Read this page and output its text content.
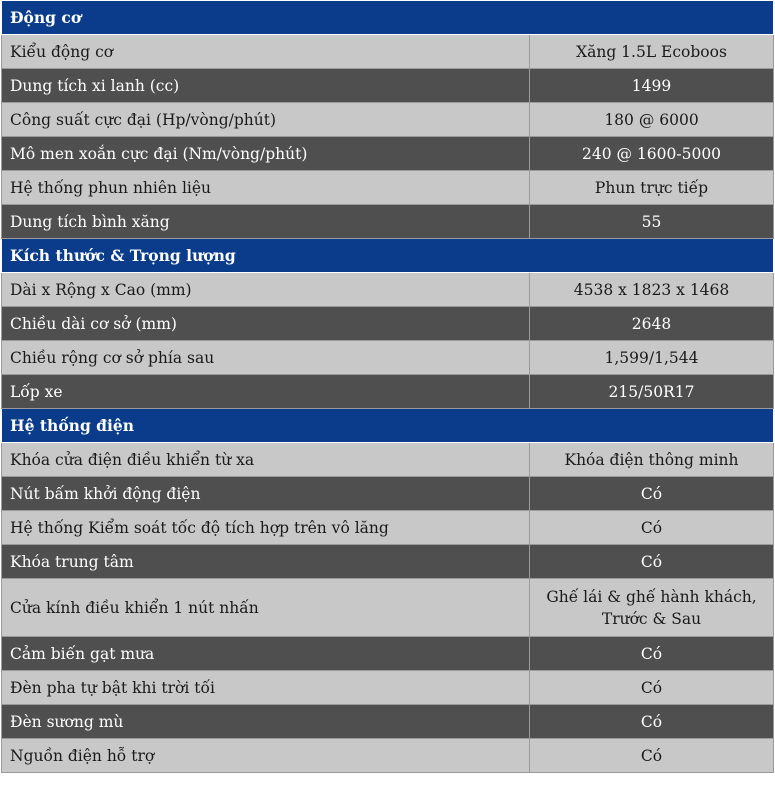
Động cơ	
Kiểu động cơ	Xăng 1.5L Ecoboos
Dung tích xi lanh (cc)	1499
Công suất cực đại (Hp/vòng/phút)	180 @ 6000
Mô men xoắn cực đại (Nm/vòng/phút)	240 @ 1600-5000
Hệ thống phun nhiên liệu	Phun trực tiếp
Dung tích bình xăng	55
Kích thước & Trọng lượng	
Dài x Rộng x Cao (mm)	4538 x 1823 x 1468
Chiều dài cơ sở (mm)	2648
Chiều rộng cơ sở phía sau	1,599/1,544
Lốp xe	215/50R17
Hệ thống điện	
Khóa cửa điện điều khiển từ xa	Khóa điện thông minh
Nút bấm khởi động điện	Có
Hệ thống Kiểm soát tốc độ tích hợp trên vô lăng	Có
Khóa trung tâm	Có
Cửa kính điều khiển 1 nút nhấn	Ghế lái & ghế hành khách,
Trước & Sau

Cảm biến gạt mưa	Có
Đèn pha tự bật khi trời tối	Có
Đèn sương mù	Có
Nguồn điện hỗ trợ	Có
